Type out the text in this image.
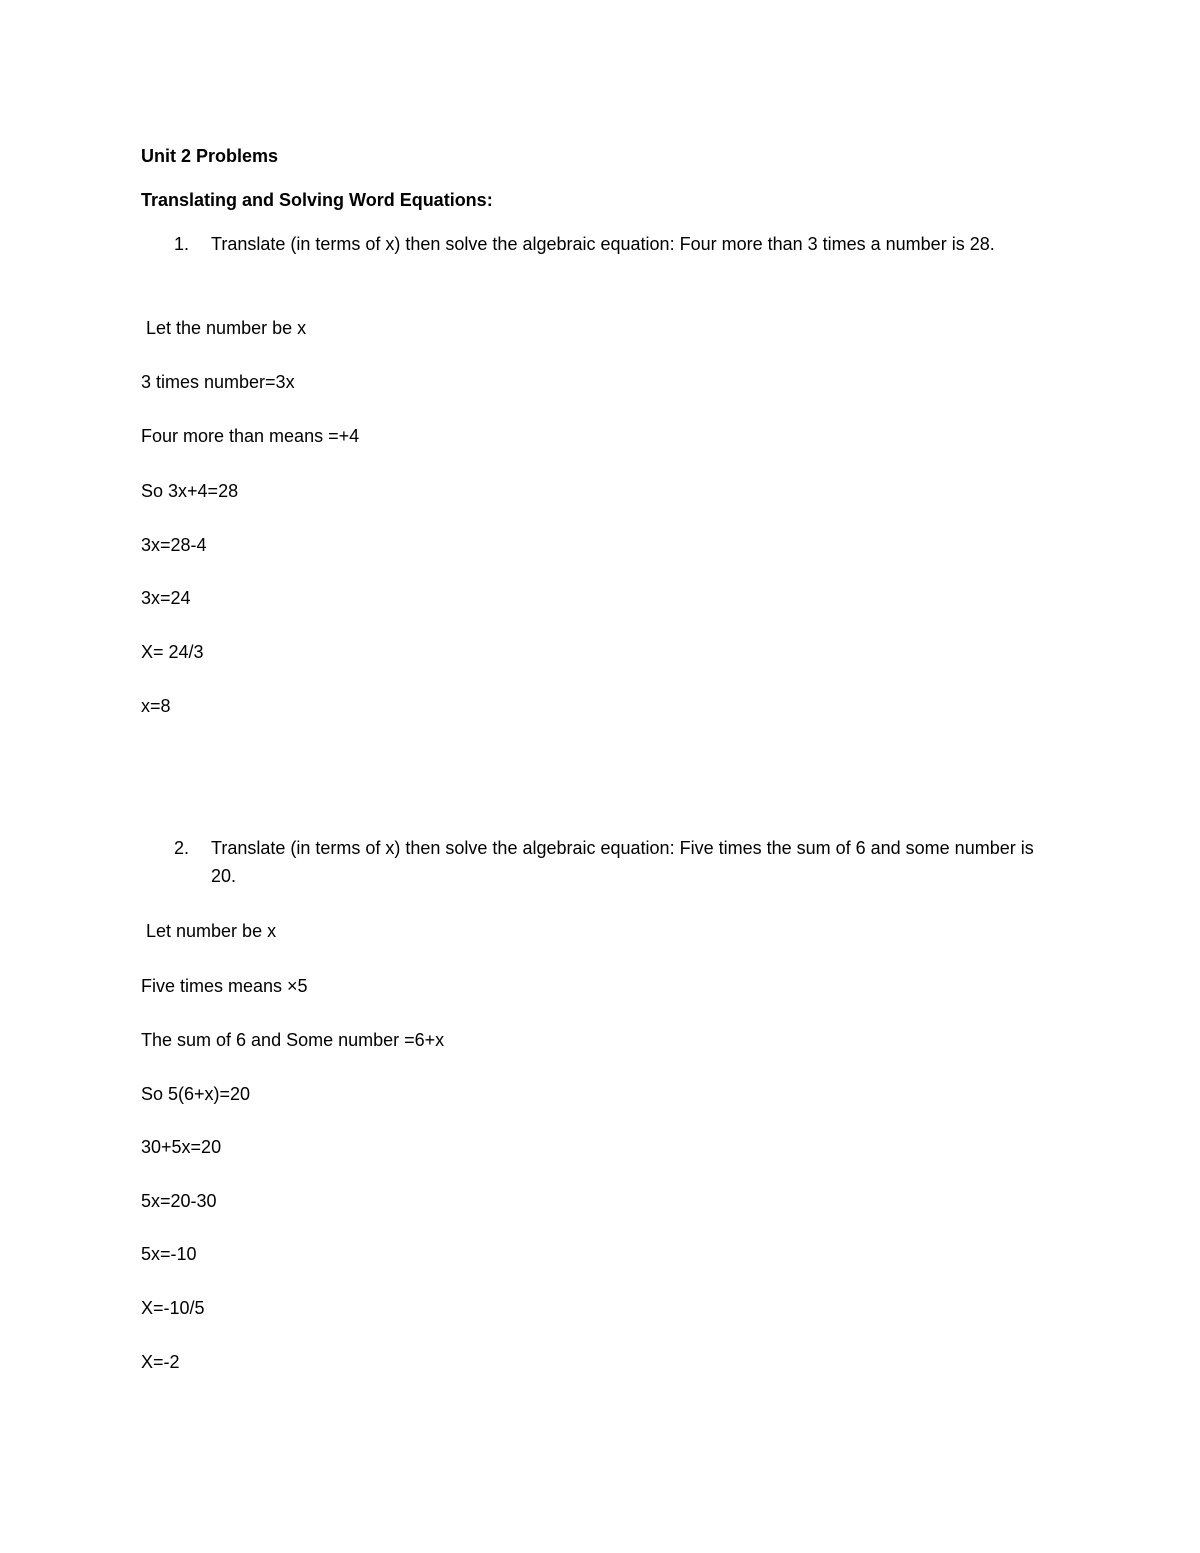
Unit 2 Problems
Translating and Solving Word Equations:
1. Translate (in terms of x) then solve the algebraic equation: Four more than 3 times a number is 28.
Let the number be x
3 times number=3x
Four more than means =+4
So 3x+4=28
3x=28-4
3x=24
X= 24/3
x=8
2. Translate (in terms of x) then solve the algebraic equation: Five times the sum of 6 and some number is 20.
Let number be x
Five times means ×5
The sum of 6 and Some number =6+x
So 5(6+x)=20
30+5x=20
5x=20-30
5x=-10
X=-10/5
X=-2
